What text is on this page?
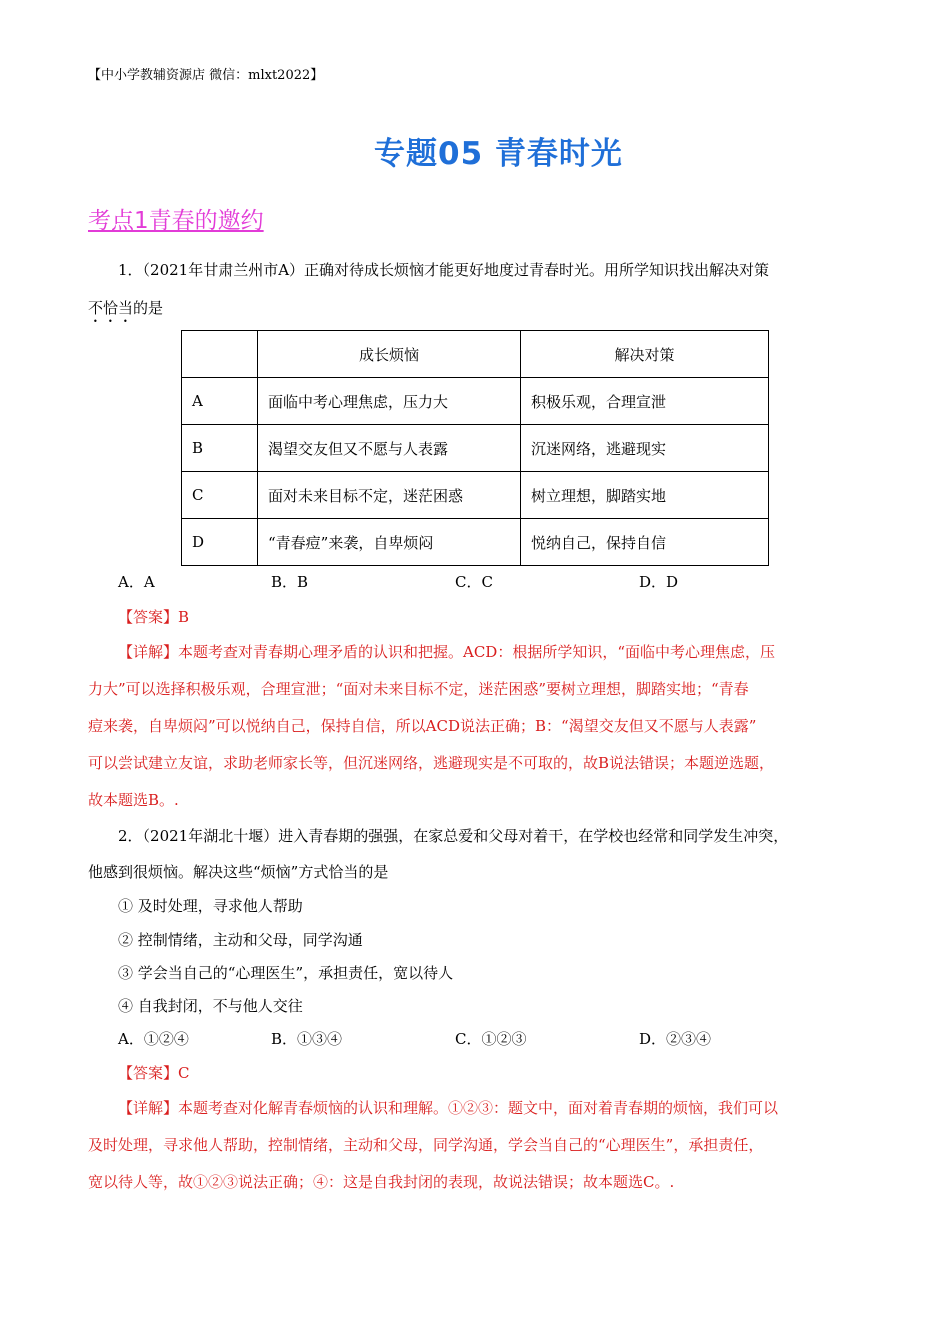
【中小学教辅资源店 微信：mlxt2022】
专题05 青春时光
考点1青春的邀约
1．（2021年甘肃兰州市A）正确对待成长烦恼才能更好地度过青春时光。用所学知识找出解决对策
不恰当的是
	成长烦恼	解决对策
A	面临中考心理焦虑，压力大	积极乐观，合理宣泄
B	渴望交友但又不愿与人表露	沉迷网络，逃避现实
C	面对未来目标不定，迷茫困惑	树立理想，脚踏实地
D	“青春痘”来袭，自卑烦闷	悦纳自己，保持自信
A．A	B．B	C．C	D．D
【答案】B
【详解】本题考查对青春期心理矛盾的认识和把握。ACD：根据所学知识，“面临中考心理焦虑，压
力大”可以选择积极乐观，合理宣泄；“面对未来目标不定，迷茫困惑”要树立理想，脚踏实地；“青春
痘来袭，自卑烦闷”可以悦纳自己，保持自信，所以ACD说法正确；B：“渴望交友但又不愿与人表露”
可以尝试建立友谊，求助老师家长等，但沉迷网络，逃避现实是不可取的，故B说法错误；本题逆选题，
故本题选B。.
2．（2021年湖北十堰）进入青春期的强强，在家总爱和父母对着干，在学校也经常和同学发生冲突，
他感到很烦恼。解决这些“烦恼”方式恰当的是
① 及时处理，寻求他人帮助
② 控制情绪，主动和父母，同学沟通
③ 学会当自己的“心理医生”，承担责任，宽以待人
④ 自我封闭，不与他人交往
A．①②④	B．①③④	C．①②③	D．②③④
【答案】C
【详解】本题考查对化解青春烦恼的认识和理解。①②③：题文中，面对着青春期的烦恼，我们可以
及时处理，寻求他人帮助，控制情绪，主动和父母，同学沟通，学会当自己的“心理医生”，承担责任，
宽以待人等，故①②③说法正确；④：这是自我封闭的表现，故说法错误；故本题选C。.
